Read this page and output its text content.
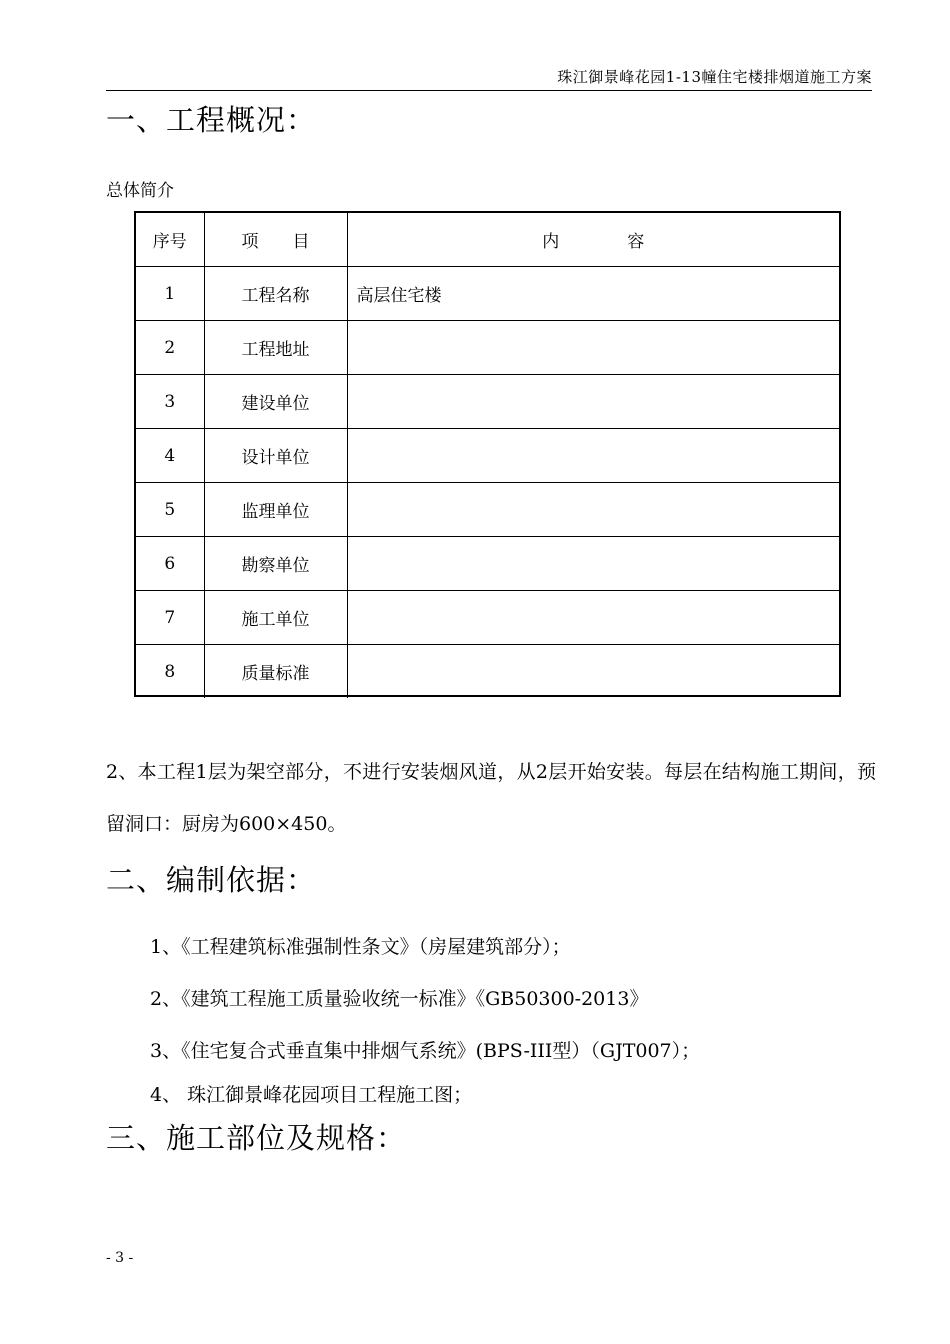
珠江御景峰花园1-13幢住宅楼排烟道施工方案
一、工程概况：
总体简介
序号	项　　目	内　　　　容
1	工程名称	高层住宅楼
2	工程地址	
3	建设单位	
4	设计单位	
5	监理单位	
6	勘察单位	
7	施工单位	
8	质量标准	
2、本工程1层为架空部分，不进行安装烟风道，从2层开始安装。每层在结构施工期间，预留洞口：厨房为600×450。
二、编制依据：
1、《工程建筑标准强制性条文》（房屋建筑部分）；
2、《建筑工程施工质量验收统一标准》《GB50300-2013》
3、《住宅复合式垂直集中排烟气系统》(BPS-III型）（GJT007）；
4、 珠江御景峰花园项目工程施工图；
三、施工部位及规格：
- 3 -
